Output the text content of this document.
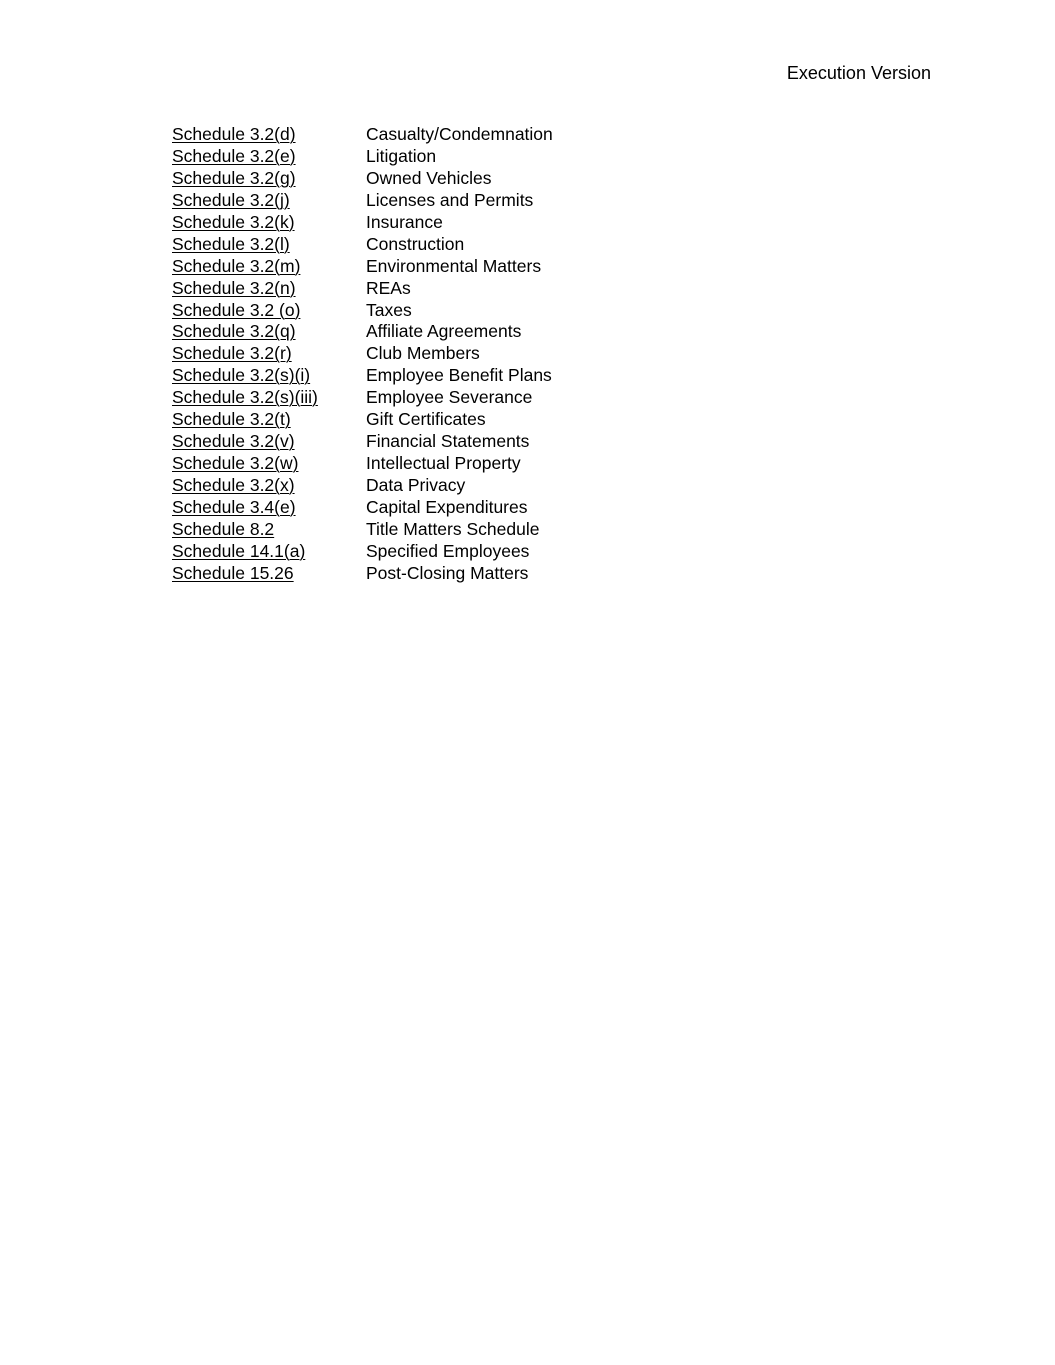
Execution Version
Schedule 3.2(d)	Casualty/Condemnation
Schedule 3.2(e)	Litigation
Schedule 3.2(g)	Owned Vehicles
Schedule 3.2(j)	Licenses and Permits
Schedule 3.2(k)	Insurance
Schedule 3.2(l)	Construction
Schedule 3.2(m)	Environmental Matters
Schedule 3.2(n)	REAs
Schedule 3.2 (o)	Taxes
Schedule 3.2(q)	Affiliate Agreements
Schedule 3.2(r)	Club Members
Schedule 3.2(s)(i)	Employee Benefit Plans
Schedule 3.2(s)(iii)	Employee Severance
Schedule 3.2(t)	Gift Certificates
Schedule 3.2(v)	Financial Statements
Schedule 3.2(w)	Intellectual Property
Schedule 3.2(x)	Data Privacy
Schedule 3.4(e)	Capital Expenditures
Schedule 8.2	Title Matters Schedule
Schedule 14.1(a)	Specified Employees
Schedule 15.26	Post-Closing Matters
